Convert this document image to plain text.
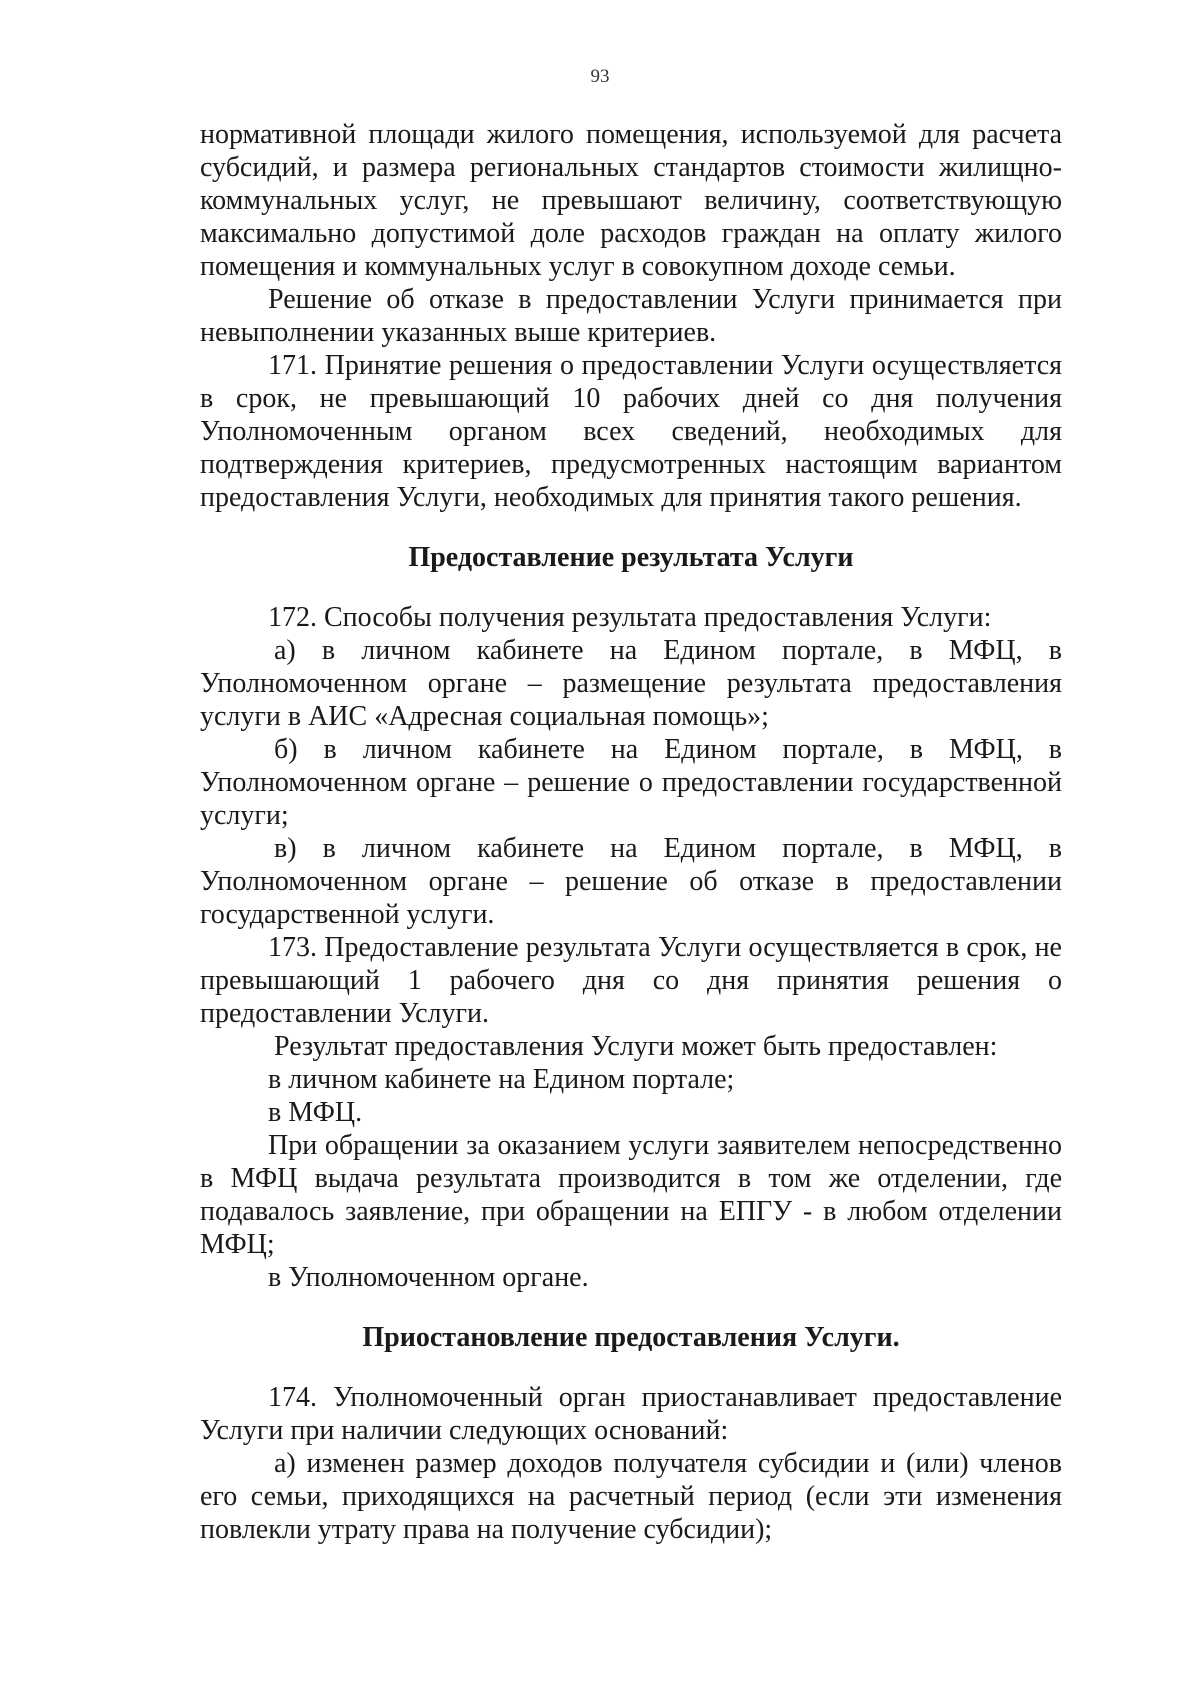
93

нормативной площади жилого помещения, используемой для расчета субсидий, и размера региональных стандартов стоимости жилищно-коммунальных услуг, не превышают величину, соответствующую максимально допустимой доле расходов граждан на оплату жилого помещения и коммунальных услуг в совокупном доходе семьи.

Решение об отказе в предоставлении Услуги принимается при невыполнении указанных выше критериев.

171. Принятие решения о предоставлении Услуги осуществляется в срок, не превышающий 10 рабочих дней со дня получения Уполномоченным органом всех сведений, необходимых для подтверждения критериев, предусмотренных настоящим вариантом предоставления Услуги, необходимых для принятия такого решения.

Предоставление результата Услуги

172. Способы получения результата предоставления Услуги:

а) в личном кабинете на Едином портале, в МФЦ, в Уполномоченном органе – размещение результата предоставления услуги в АИС «Адресная социальная помощь»;

б) в личном кабинете на Едином портале, в МФЦ, в Уполномоченном органе – решение о предоставлении государственной услуги;

в) в личном кабинете на Едином портале, в МФЦ, в Уполномоченном органе – решение об отказе в предоставлении государственной услуги.

173. Предоставление результата Услуги осуществляется в срок, не превышающий 1 рабочего дня со дня принятия решения о предоставлении Услуги.

Результат предоставления Услуги может быть предоставлен:

в личном кабинете на Едином портале;

в МФЦ.

При обращении за оказанием услуги заявителем непосредственно в МФЦ выдача результата производится в том же отделении, где подавалось заявление, при обращении на ЕПГУ - в любом отделении МФЦ;

в Уполномоченном органе.

Приостановление предоставления Услуги.

174. Уполномоченный орган приостанавливает предоставление Услуги при наличии следующих оснований:

а) изменен размер доходов получателя субсидии и (или) членов его семьи, приходящихся на расчетный период (если эти изменения повлекли утрату права на получение субсидии);
